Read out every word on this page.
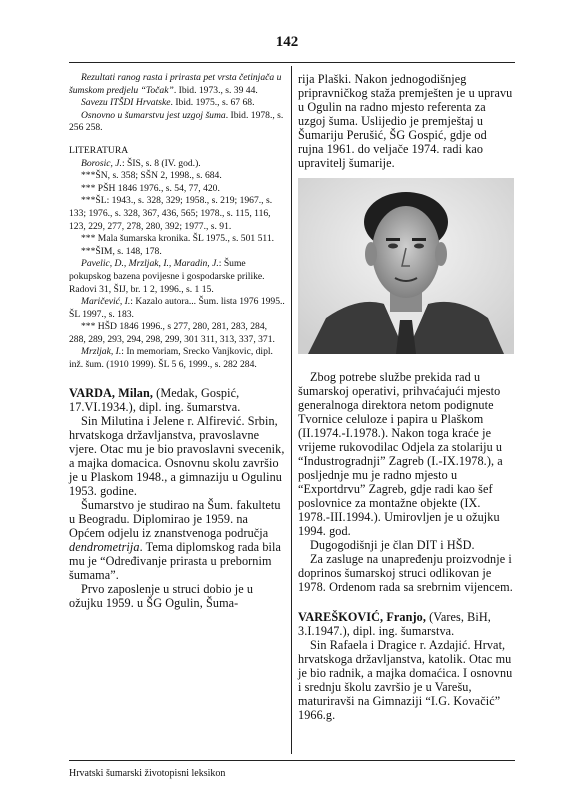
142

Rezultati ranog rasta i prirasta pet vrsta četinjača u šumskom predjelu “Točak”. Ibid. 1973., s. 39 44.

Savezu ITŠDI Hrvatske. Ibid. 1975., s. 67 68.

Osnovno u šumarstvu jest uzgoj šuma. Ibid. 1978., s. 256 258.

LITERATURA

Borosic, J.: ŠIS, s. 8 (IV. god.).

***ŠN, s. 358; SŠN 2, 1998., s. 684.

*** PŠH 1846 1976., s. 54, 77, 420.

***ŠL: 1943., s. 328, 329; 1958., s. 219; 1967., s. 133; 1976., s. 328, 367, 436, 565; 1978., s. 115, 116, 123, 229, 277, 278, 280, 392; 1977., s. 91.

*** Mala šumarska kronika. ŠL 1975., s. 501 511.

***ŠIM, s. 148, 178.

Pavelic, D., Mrzljak, I., Maradin, J.: Šume pokupskog bazena povijesne i gospodarske prilike. Radovi 31, ŠIJ, br. 1 2, 1996., s. 1 15.

Maričević, I.: Kazalo autora... Šum. lista 1976 1995.. ŠL 1997., s. 183.

*** HŠD 1846 1996., s 277, 280, 281, 283, 284, 288, 289, 293, 294, 298, 299, 301 311, 313, 337, 371.

Mrzljak, I.: In memoriam, Srecko Vanjkovic, dipl. inž. šum. (1910 1999). ŠL 5 6, 1999., s. 282 284.

VARDA, Milan, (Medak, Gospić, 17.VI.1934.), dipl. ing. šumarstva.

Sin Milutina i Jelene r. Alfirević. Srbin, hrvatskoga državljanstva, pravoslavne vjere. Otac mu je bio pravoslavni svecenik, a majka domacica. Osnovnu skolu završio je u Plaskom 1948., a gimnaziju u Ogulinu 1953. godine.

Šumarstvo je studirao na Šum. fakultetu u Beogradu. Diplomirao je 1959. na Općem odjelu iz znanstvenoga područja dendrometrija. Tema diplomskog rada bila mu je “Određivanje prirasta u prebornim šumama”.

Prvo zaposlenje u struci dobio je u ožujku 1959. u ŠG Ogulin, Šuma-

rija Plaški. Nakon jednogodišnjeg pripravničkog staža premješten je u upravu u Ogulin na radno mjesto referenta za uzgoj šuma. Uslijedio je premještaj u Šumariju Perušić, ŠG Gospić, gdje od rujna 1961. do veljače 1974. radi kao upravitelj šumarije.

Zbog potrebe službe prekida rad u šumarskoj operativi, prihvaćajući mjesto generalnoga direktora netom podignute Tvornice celuloze i papira u Plaškom (II.1974.-I.1978.). Nakon toga kraće je vrijeme rukovodilac Odjela za stolariju u “Industrogradnji” Zagreb (I.-IX.1978.), a posljednje mu je radno mjesto u “Exportdrvu” Zagreb, gdje radi kao šef poslovnice za montažne objekte (IX. 1978.-III.1994.). Umirovljen je u ožujku 1994. god.

Dugogodišnji je član DIT i HŠD.

Za zasluge na unapređenju proizvodnje i doprinos šumarskoj struci odlikovan je 1978. Ordenom rada sa srebrnim vijencem.

VAREŠKOVIĆ, Franjo, (Vares, BiH, 3.I.1947.), dipl. ing. šumarstva.

Sin Rafaela i Dragice r. Azdajić. Hrvat, hrvatskoga državljanstva, katolik. Otac mu je bio radnik, a majka domaćica. I osnovnu i srednju školu završio je u Varešu, maturiravši na Gimnaziji “I.G. Kovačić” 1966.g.

Hrvatski šumarski životopisni leksikon
